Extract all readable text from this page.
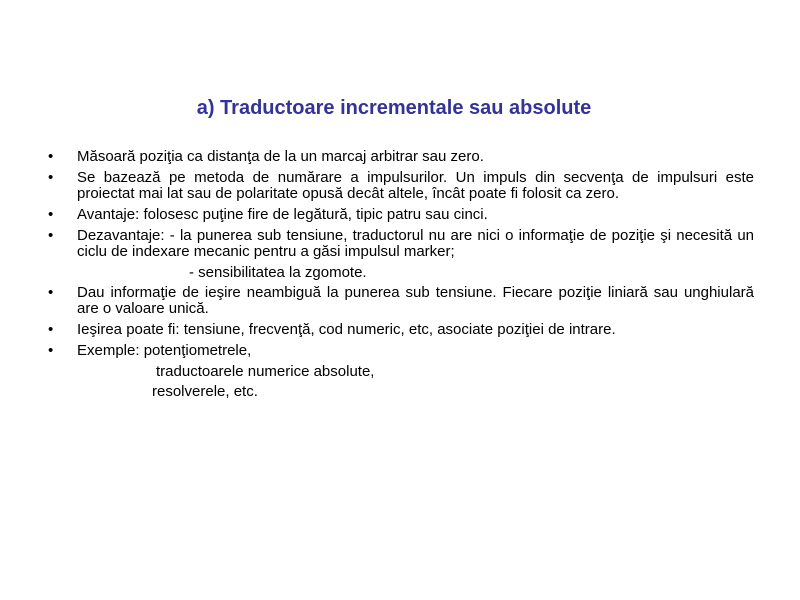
a) Traductoare incrementale sau absolute
• Măsoară poziţia ca distanţa de la un marcaj arbitrar sau zero.
• Se bazează pe metoda de numărare a impulsurilor. Un impuls din secvenţa de impulsuri este proiectat mai lat sau de polaritate opusă decât altele, încât poate fi folosit ca zero.
• Avantaje: folosesc puţine fire de legătură, tipic patru sau cinci.
• Dezavantaje: - la punerea sub tensiune, traductorul nu are nici o informaţie de poziţie şi necesită un ciclu de indexare mecanic pentru a găsi impulsul marker;
- sensibilitatea la zgomote.
• Dau informaţie de ieşire neambiguă la punerea sub tensiune. Fiecare poziţie liniară sau unghiulară are o valoare unică.
• Ieşirea poate fi: tensiune, frecvenţă, cod numeric, etc, asociate poziţiei de intrare.
• Exemple: potenţiometrele,
traductoarele numerice absolute,
resolverele, etc.
